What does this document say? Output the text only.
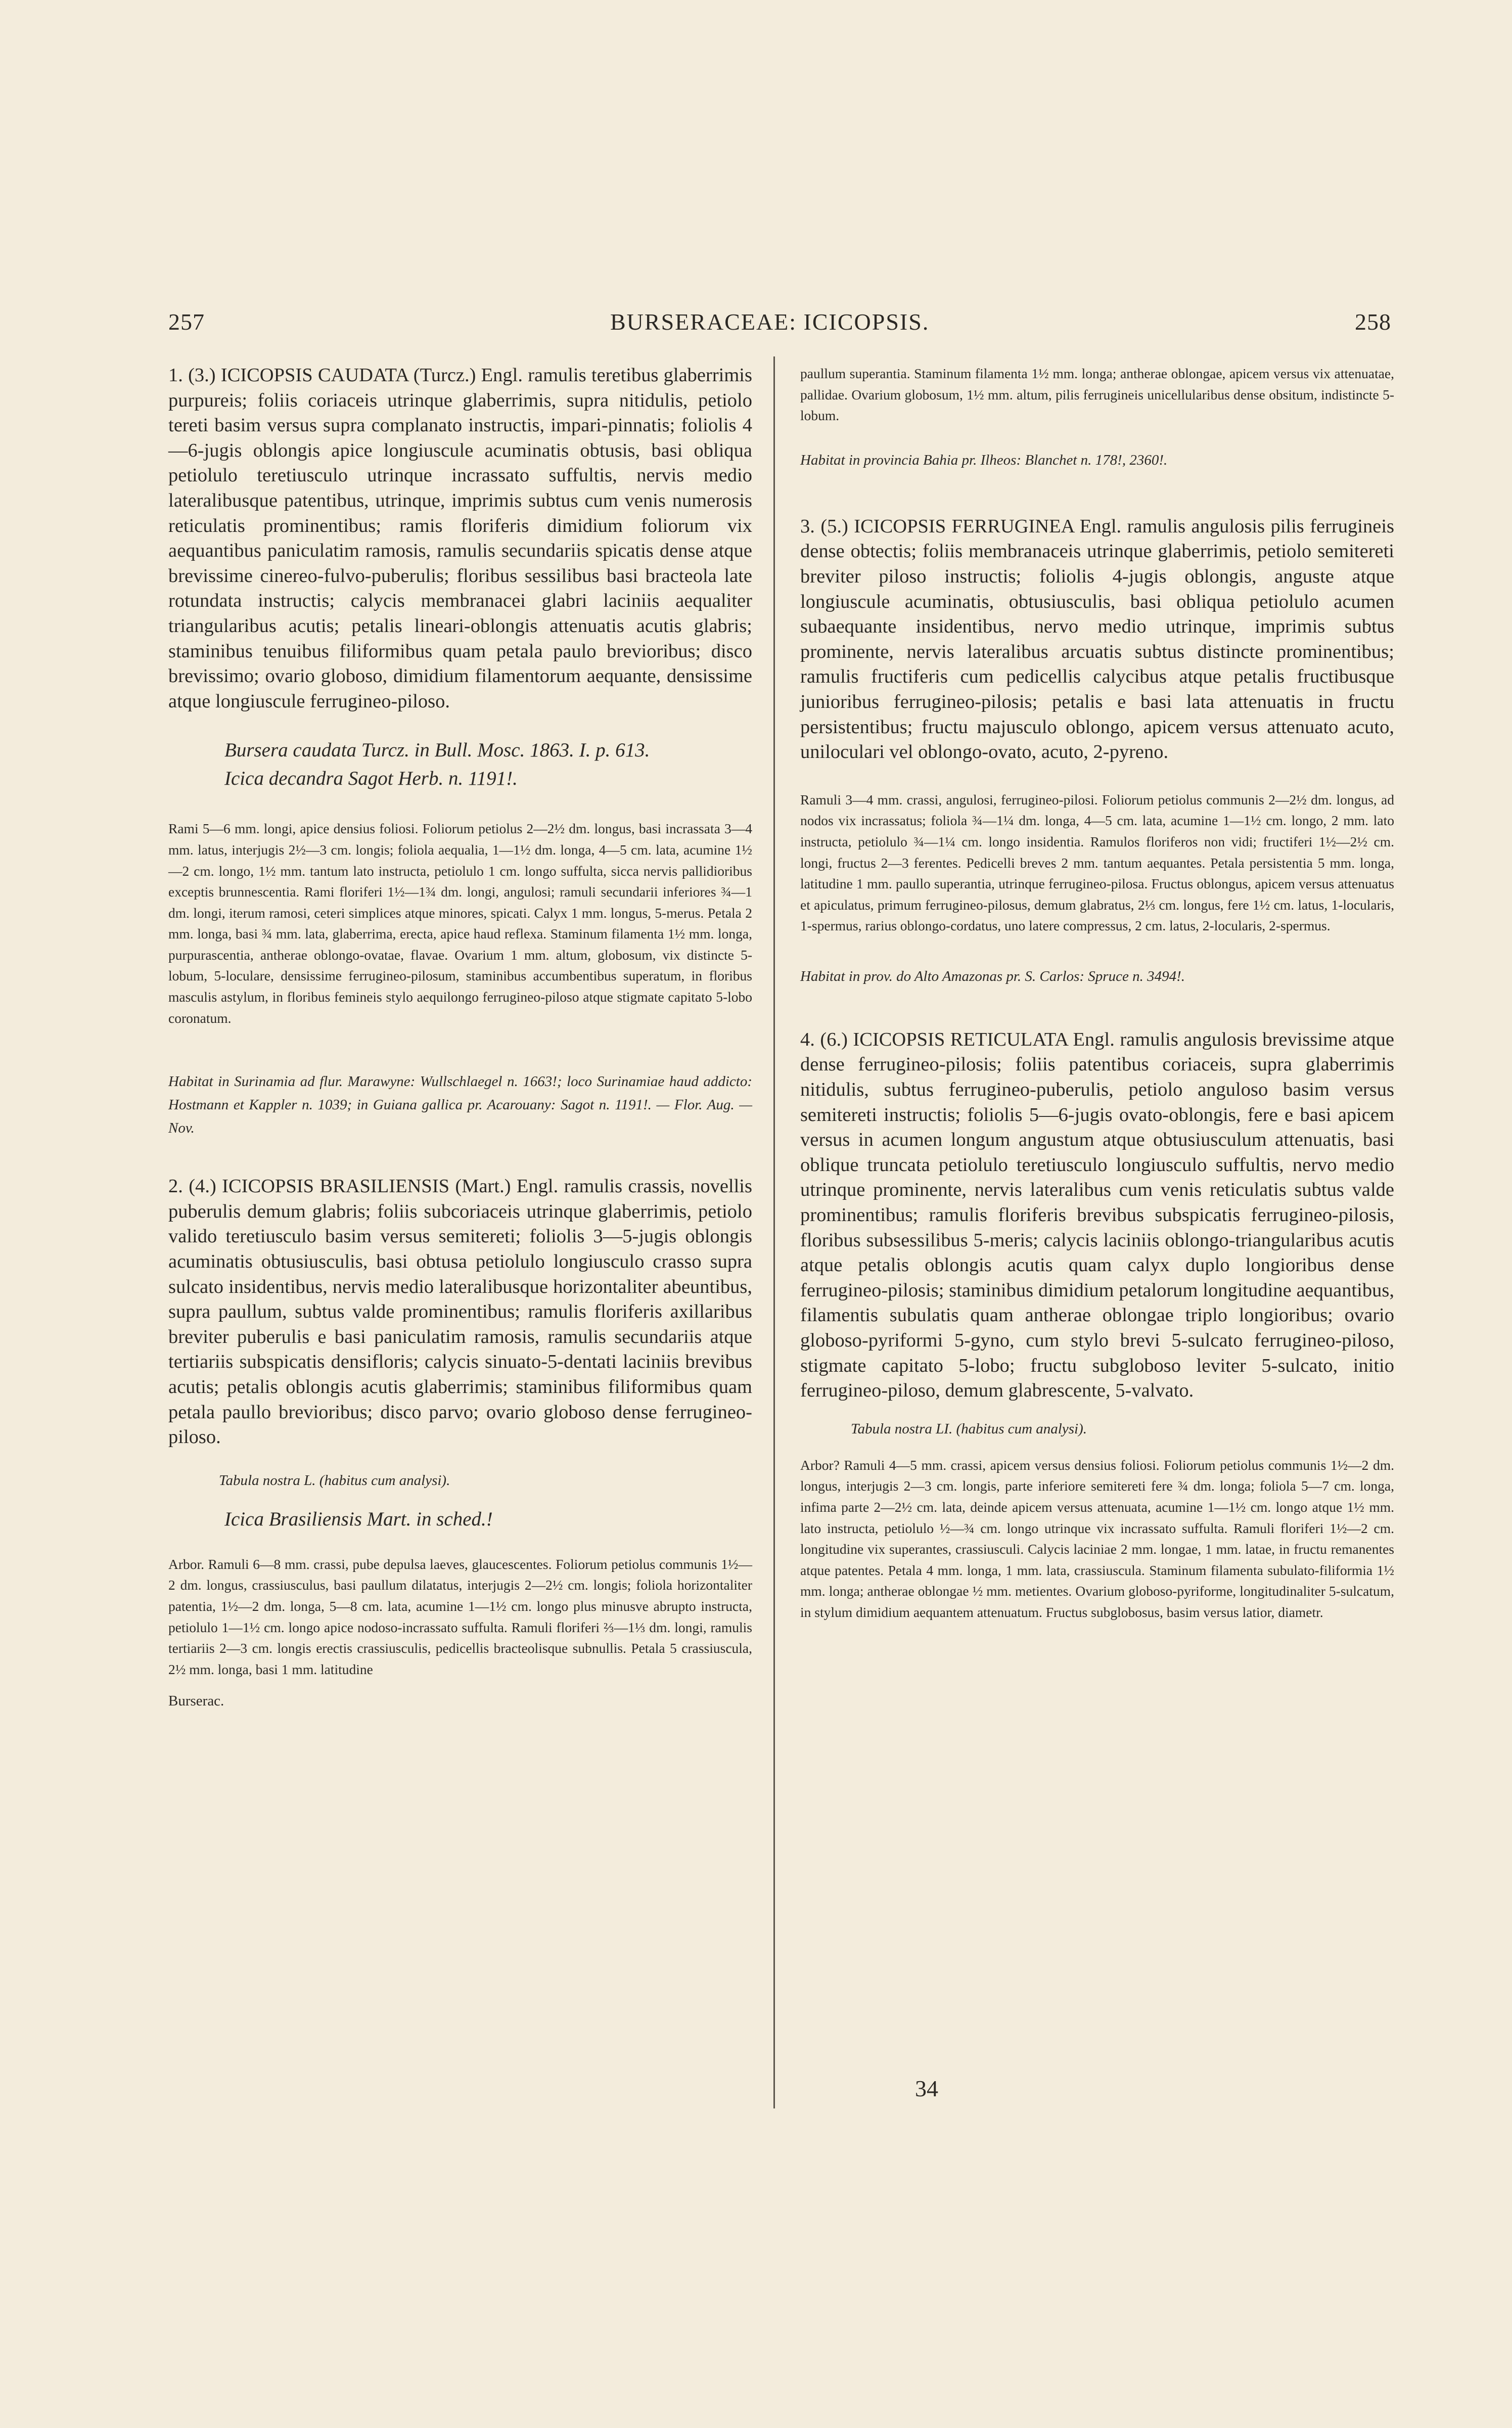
257	BURSERACEAE: ICICOPSIS.	258

1. (3.) ICICOPSIS CAUDATA (Turcz.) Engl. ramulis teretibus glaberrimis purpureis; foliis coriaceis utrinque glaberrimis, supra nitidulis, petiolo tereti basim versus supra complanato instructis, impari-pinnatis; foliolis 4—6-jugis oblongis apice longiuscule acuminatis obtusis, basi obliqua petiolulo teretiusculo utrinque incrassato suffultis, nervis medio lateralibusque patentibus, utrinque, imprimis subtus cum venis numerosis reticulatis prominentibus; ramis floriferis dimidium foliorum vix aequantibus paniculatim ramosis, ramulis secundariis spicatis dense atque brevissime cinereo-fulvo-puberulis; floribus sessilibus basi bracteola late rotundata instructis; calycis membranacei glabri laciniis aequaliter triangularibus acutis; petalis lineari-oblongis attenuatis acutis glabris; staminibus tenuibus filiformibus quam petala paulo brevioribus; disco brevissimo; ovario globoso, dimidium filamentorum aequante, densissime atque longiuscule ferrugineo-piloso.

Bursera caudata Turcz. in Bull. Mosc. 1863. I. p. 613.

Icica decandra Sagot Herb. n. 1191!.

Rami 5—6 mm. longi, apice densius foliosi. Foliorum petiolus 2—2½ dm. longus, basi incrassata 3—4 mm. latus, interjugis 2½—3 cm. longis; foliola aequalia, 1—1½ dm. longa, 4—5 cm. lata, acumine 1½—2 cm. longo, 1½ mm. tantum lato instructa, petiolulo 1 cm. longo suffulta, sicca nervis pallidioribus exceptis brunnescentia. Rami floriferi 1½—1¾ dm. longi, angulosi; ramuli secundarii inferiores ¾—1 dm. longi, iterum ramosi, ceteri simplices atque minores, spicati. Calyx 1 mm. longus, 5-merus. Petala 2 mm. longa, basi ¾ mm. lata, glaberrima, erecta, apice haud reflexa. Staminum filamenta 1½ mm. longa, purpurascentia, antherae oblongo-ovatae, flavae. Ovarium 1 mm. altum, globosum, vix distincte 5-lobum, 5-loculare, densissime ferrugineo-pilosum, staminibus accumbentibus superatum, in floribus masculis astylum, in floribus femineis stylo aequilongo ferrugineo-piloso atque stigmate capitato 5-lobo coronatum.

Habitat in Surinamia ad flur. Marawyne: Wullschlaegel n. 1663!; loco Surinamiae haud addicto: Hostmann et Kappler n. 1039; in Guiana gallica pr. Acarouany: Sagot n. 1191!. — Flor. Aug. — Nov.

2. (4.) ICICOPSIS BRASILIENSIS (Mart.) Engl. ramulis crassis, novellis puberulis demum glabris; foliis subcoriaceis utrinque glaberrimis, petiolo valido teretiusculo basim versus semitereti; foliolis 3—5-jugis oblongis acuminatis obtusiusculis, basi obtusa petiolulo longiusculo crasso supra sulcato insidentibus, nervis medio lateralibusque horizontaliter abeuntibus, supra paullum, subtus valde prominentibus; ramulis floriferis axillaribus breviter puberulis e basi paniculatim ramosis, ramulis secundariis atque tertiariis subspicatis densifloris; calycis sinuato-5-dentati laciniis brevibus acutis; petalis oblongis acutis glaberrimis; staminibus filiformibus quam petala paullo brevioribus; disco parvo; ovario globoso dense ferrugineo-piloso.

Tabula nostra L. (habitus cum analysi).

Icica Brasiliensis Mart. in sched.!

Arbor. Ramuli 6—8 mm. crassi, pube depulsa laeves, glaucescentes. Foliorum petiolus communis 1½—2 dm. longus, crassiusculus, basi paullum dilatatus, interjugis 2—2½ cm. longis; foliola horizontaliter patentia, 1½—2 dm. longa, 5—8 cm. lata, acumine 1—1½ cm. longo plus minusve abrupto instructa, petiolulo 1—1½ cm. longo apice nodoso-incrassato suffulta. Ramuli floriferi ⅔—1⅓ dm. longi, ramulis tertiariis 2—3 cm. longis erectis crassiusculis, pedicellis bracteolisque subnullis. Petala 5 crassiuscula, 2½ mm. longa, basi 1 mm. latitudine

Burserac.

paullum superantia. Staminum filamenta 1½ mm. longa; antherae oblongae, apicem versus vix attenuatae, pallidae. Ovarium globosum, 1½ mm. altum, pilis ferrugineis unicellularibus dense obsitum, indistincte 5-lobum.

Habitat in provincia Bahia pr. Ilheos: Blanchet n. 178!, 2360!.

3. (5.) ICICOPSIS FERRUGINEA Engl. ramulis angulosis pilis ferrugineis dense obtectis; foliis membranaceis utrinque glaberrimis, petiolo semitereti breviter piloso instructis; foliolis 4-jugis oblongis, anguste atque longiuscule acuminatis, obtusiusculis, basi obliqua petiolulo acumen subaequante insidentibus, nervo medio utrinque, imprimis subtus prominente, nervis lateralibus arcuatis subtus distincte prominentibus; ramulis fructiferis cum pedicellis calycibus atque petalis fructibusque junioribus ferrugineo-pilosis; petalis e basi lata attenuatis in fructu persistentibus; fructu majusculo oblongo, apicem versus attenuato acuto, uniloculari vel oblongo-ovato, acuto, 2-pyreno.

Ramuli 3—4 mm. crassi, angulosi, ferrugineo-pilosi. Foliorum petiolus communis 2—2½ dm. longus, ad nodos vix incrassatus; foliola ¾—1¼ dm. longa, 4—5 cm. lata, acumine 1—1½ cm. longo, 2 mm. lato instructa, petiolulo ¾—1¼ cm. longo insidentia. Ramulos floriferos non vidi; fructiferi 1½—2½ cm. longi, fructus 2—3 ferentes. Pedicelli breves 2 mm. tantum aequantes. Petala persistentia 5 mm. longa, latitudine 1 mm. paullo superantia, utrinque ferrugineo-pilosa. Fructus oblongus, apicem versus attenuatus et apiculatus, primum ferrugineo-pilosus, demum glabratus, 2⅓ cm. longus, fere 1½ cm. latus, 1-locularis, 1-spermus, rarius oblongo-cordatus, uno latere compressus, 2 cm. latus, 2-locularis, 2-spermus.

Habitat in prov. do Alto Amazonas pr. S. Carlos: Spruce n. 3494!.

4. (6.) ICICOPSIS RETICULATA Engl. ramulis angulosis brevissime atque dense ferrugineo-pilosis; foliis patentibus coriaceis, supra glaberrimis nitidulis, subtus ferrugineo-puberulis, petiolo anguloso basim versus semitereti instructis; foliolis 5—6-jugis ovato-oblongis, fere e basi apicem versus in acumen longum angustum atque obtusiusculum attenuatis, basi oblique truncata petiolulo teretiusculo longiusculo suffultis, nervo medio utrinque prominente, nervis lateralibus cum venis reticulatis subtus valde prominentibus; ramulis floriferis brevibus subspicatis ferrugineo-pilosis, floribus subsessilibus 5-meris; calycis laciniis oblongo-triangularibus acutis atque petalis oblongis acutis quam calyx duplo longioribus dense ferrugineo-pilosis; staminibus dimidium petalorum longitudine aequantibus, filamentis subulatis quam antherae oblongae triplo longioribus; ovario globoso-pyriformi 5-gyno, cum stylo brevi 5-sulcato ferrugineo-piloso, stigmate capitato 5-lobo; fructu subgloboso leviter 5-sulcato, initio ferrugineo-piloso, demum glabrescente, 5-valvato.

Tabula nostra LI. (habitus cum analysi).

Arbor? Ramuli 4—5 mm. crassi, apicem versus densius foliosi. Foliorum petiolus communis 1½—2 dm. longus, interjugis 2—3 cm. longis, parte inferiore semitereti fere ¾ dm. longa; foliola 5—7 cm. longa, infima parte 2—2½ cm. lata, deinde apicem versus attenuata, acumine 1—1½ cm. longo atque 1½ mm. lato instructa, petiolulo ½—¾ cm. longo utrinque vix incrassato suffulta. Ramuli floriferi 1½—2 cm. longitudine vix superantes, crassiusculi. Calycis laciniae 2 mm. longae, 1 mm. latae, in fructu remanentes atque patentes. Petala 4 mm. longa, 1 mm. lata, crassiuscula. Staminum filamenta subulato-filiformia 1½ mm. longa; antherae oblongae ½ mm. metientes. Ovarium globoso-pyriforme, longitudinaliter 5-sulcatum, in stylum dimidium aequantem attenuatum. Fructus subglobosus, basim versus latior, diametr.

34
